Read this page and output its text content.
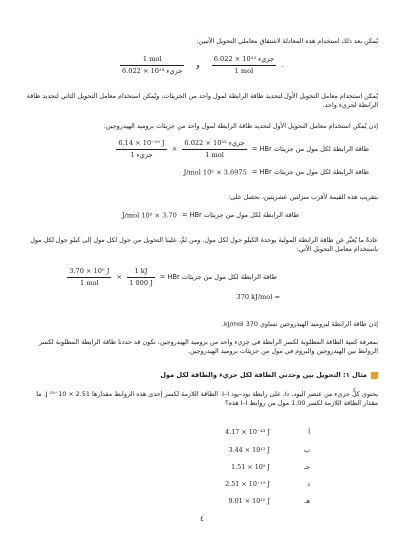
يُمكن بعد ذلك استخدام هذه المعادلة لاشتقاق معاملي التحويل الآتيين:
$\frac{\text{1 mol}}{\text{6.022 × 10²³ جزيء}}$ و $\frac{\text{6.022 × 10²³ جزيء}}{\text{1 mol}}$ .
يُمكن استخدام معامل التحويل الأول لتحديد طاقة الرابطة لمول واحد من الجزيئات، ويُمكن استخدام معامل التحويل الثاني لتحديد طاقة الرابطة لجزيء واحد.
إذن يُمكن استخدام معامل التحويل الأول لتحديد طاقة الرابطة لمول واحد من جزيئات بروميد الهيدروجين:
طاقة الرابطة لكل مول من جزيئات HBr =
$\frac{\text{6.14 × 10⁻¹⁹ J}}{\text{1 جزيء}} \times \frac{\text{6.022 × 10²³ جزيء}}{\text{1 mol}}$
طاقة الرابطة لكل مول من جزيئات HBr = 3.6975 × 10⁵ J/mol
بتقريب هذه القيمة لأقرب منزلتين عشريتين، نحصل على:
طاقة الرابطة لكل مول من جزيئات HBr = 3.70 × 10⁵ J/mol
عادةً ما يُعبَّر عن طاقة الرابطة المولية بوحدة الكيلو جول لكل مول. ومن ثَمَّ، علينا التحويل من جول لكل مول إلى كيلو جول لكل مول باستخدام معامل التحويل الآتي:
طاقة الرابطة لكل مول من جزيئات HBr =
$\frac{\text{3.70 × 10⁵ J}}{\text{1 mol}} \times \frac{1 kJ}{1 000 J}$
370 kJ/mol =
إذن طاقة الرابطة لبروميد الهيدروجين تساوي 370 kJ/mol.
بمعرفة كمية الطاقة المطلوبة لكسر الرابطة في جزيء واحد من بروميد الهيدروجين، نكون قد حددنا طاقة الرابطة المطلوبة لكسر الروابط بين الهيدروجين والبروم في مول من جزيئات بروميد الهيدروجين.
مثال ١: التحويل بين وحدتي الطاقة لكل جزيء والطاقة لكل مول
يحتوي كلُّ جزيء من عنصر اليود، I₂، على رابطة يود–يود I–I. الطاقة اللازمة لكسر إحدى هذه الروابط مقدارها 2.51 × 10⁻¹⁹ J. ما مقدار الطاقة اللازمة لكسر 1.00 مول من روابط I–I هذه؟
أ
4.17 × 10⁻⁴³ J
ب
3.44 × 10¹² J
جـ
1.51 × 10⁵ J
د
2.51 × 10⁻¹⁹ J
هـ
9.01 × 10¹⁰ J
٤
